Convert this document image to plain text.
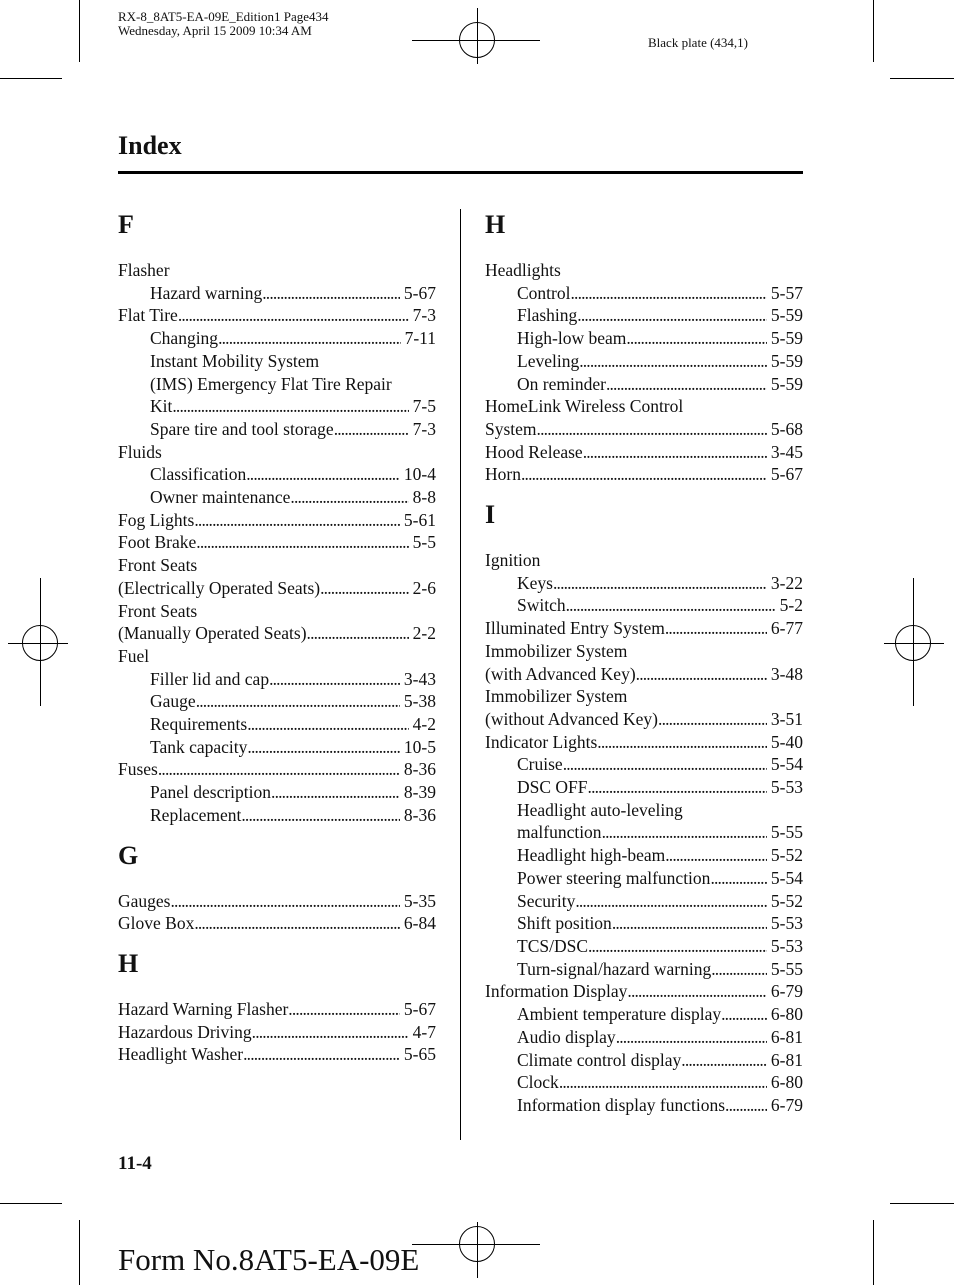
RX-8_8AT5-EA-09E_Edition1 Page434
Wednesday, April 15 2009 10:34 AM
Black plate (434,1)
Index
F
Flasher
Hazard warning . . .	5-67
Flat Tire . . .	7-3
Changing . . .	7-11
Instant Mobility System
(IMS) Emergency Flat Tire Repair
Kit . . .	7-5
Spare tire and tool storage . . .	7-3
Fluids
Classification . . .	10-4
Owner maintenance . . .	8-8
Fog Lights . . .	5-61
Foot Brake . . .	5-5
Front Seats
(Electrically Operated Seats) . . .	2-6
Front Seats
(Manually Operated Seats) . . .	2-2
Fuel
Filler lid and cap . . .	3-43
Gauge . . .	5-38
Requirements . . .	4-2
Tank capacity . . .	10-5
Fuses . . .	8-36
Panel description . . .	8-39
Replacement . . .	8-36
G
Gauges . . .	5-35
Glove Box . . .	6-84
H
Hazard Warning Flasher . . .	5-67
Hazardous Driving . . .	4-7
Headlight Washer . . .	5-65
H
Headlights
Control . . .	5-57
Flashing . . .	5-59
High-low beam . . .	5-59
Leveling . . .	5-59
On reminder . . .	5-59
HomeLink Wireless Control
System . . .	5-68
Hood Release . . .	3-45
Horn . . .	5-67
I
Ignition
Keys . . .	3-22
Switch . . .	5-2
Illuminated Entry System . . .	6-77
Immobilizer System
(with Advanced Key) . . .	3-48
Immobilizer System
(without Advanced Key) . . .	3-51
Indicator Lights . . .	5-40
Cruise . . .	5-54
DSC OFF . . .	5-53
Headlight auto-leveling
malfunction . . .	5-55
Headlight high-beam . . .	5-52
Power steering malfunction . . .	5-54
Security . . .	5-52
Shift position . . .	5-53
TCS/DSC . . .	5-53
Turn-signal/hazard warning . . .	5-55
Information Display . . .	6-79
Ambient temperature display . . .	6-80
Audio display . . .	6-81
Climate control display . . .	6-81
Clock . . .	6-80
Information display functions . . .	6-79
11-4
Form No.8AT5-EA-09E
